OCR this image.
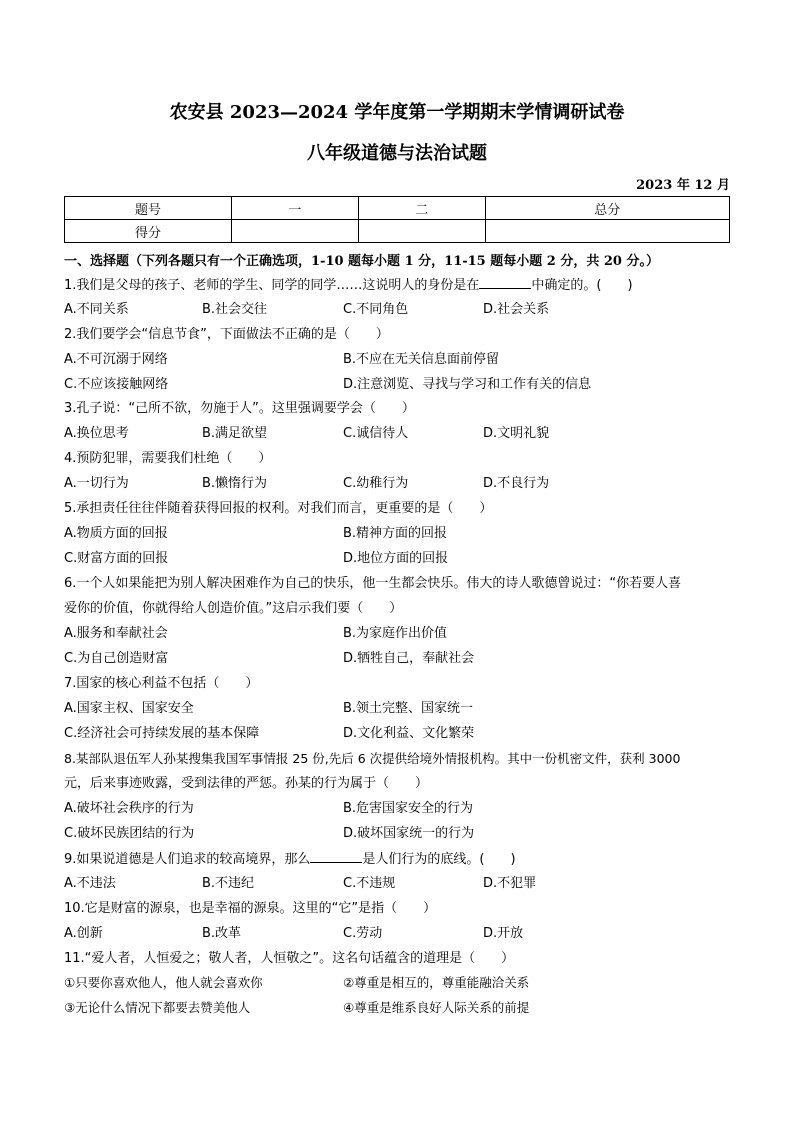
农安县 2023—2024 学年度第一学期期末学情调研试卷
八年级道德与法治试题
2023 年 12 月
题号	一	二	总分
得分			
一、选择题（下列各题只有一个正确选项，1-10 题每小题 1 分，11-15 题每小题 2 分，共 20 分。）
1.我们是父母的孩子、老师的学生、同学的同学……这说明人的身份是在	中确定的。(　　)
A.不同关系	B.社会交往	C.不同角色	D.社会关系
2.我们要学会“信息节食”，下面做法不正确的是（　　）
A.不可沉溺于网络	B.不应在无关信息面前停留
C.不应该接触网络	D.注意浏览、寻找与学习和工作有关的信息
3.孔子说：“己所不欲，勿施于人”。这里强调要学会（　　）
A.换位思考	B.满足欲望	C.诚信待人	D.文明礼貌
4.预防犯罪，需要我们杜绝（　　）
A.一切行为	B.懒惰行为	C.幼稚行为	D.不良行为
5.承担责任往往伴随着获得回报的权利。对我们而言，更重要的是（　　）
A.物质方面的回报	B.精神方面的回报
C.财富方面的回报	D.地位方面的回报
6.一个人如果能把为别人解决困难作为自己的快乐，他一生都会快乐。伟大的诗人歌德曾说过：“你若要人喜
爱你的价值，你就得给人创造价值。”这启示我们要（　　）
A.服务和奉献社会	B.为家庭作出价值
C.为自己创造财富	D.牺牲自己，奉献社会
7.国家的核心利益不包括（　　）
A.国家主权、国家安全	B.领土完整、国家统一
C.经济社会可持续发展的基本保障	D.文化利益、文化繁荣
8.某部队退伍军人孙某搜集我国军事情报 25 份,先后 6 次提供给境外情报机构。其中一份机密文件，获利 3000
元，后来事迹败露，受到法律的严惩。孙某的行为属于（　　）
A.破坏社会秩序的行为	B.危害国家安全的行为
C.破坏民族团结的行为	D.破坏国家统一的行为
9.如果说道德是人们追求的较高境界，那么	是人们行为的底线。(　　)
A.不违法	B.不违纪	C.不违规	D.不犯罪
10.它是财富的源泉，也是幸福的源泉。这里的“它”是指（　　）
A.创新	B.改革	C.劳动	D.开放
11.“爱人者，人恒爱之；敬人者，人恒敬之”。这名句话蕴含的道理是（　　）
①只要你喜欢他人，他人就会喜欢你	②尊重是相互的，尊重能融洽关系
③无论什么情况下都要去赞美他人	④尊重是维系良好人际关系的前提
